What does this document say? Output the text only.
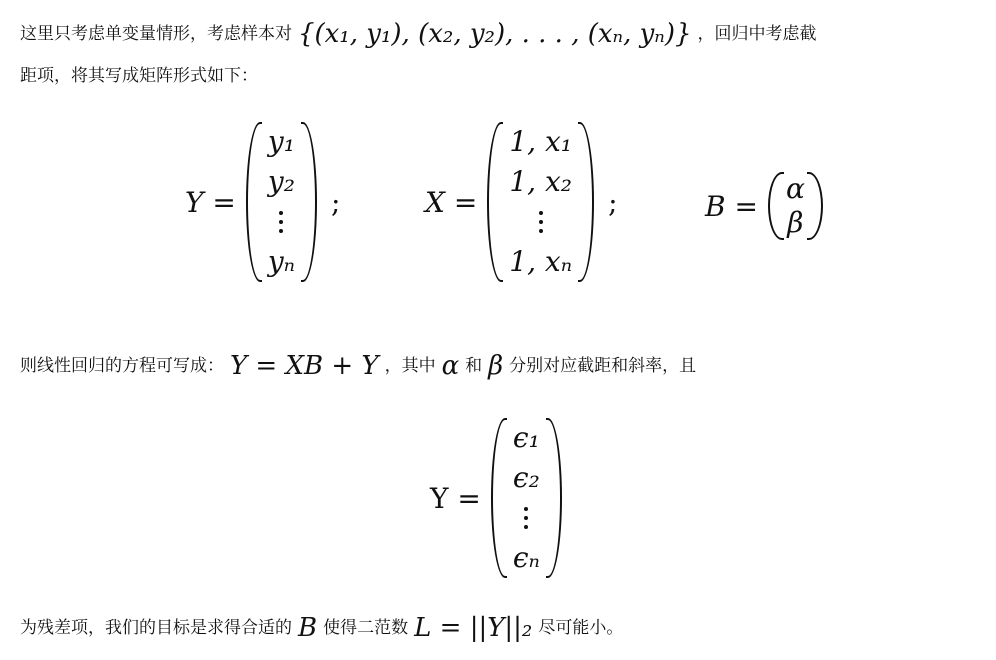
这里只考虑单变量情形，考虑样本对 {(x₁, y₁), (x₂, y₂), . . . , (xₙ, yₙ)} ，回归中考虑截
距项，将其写成矩阵形式如下：
Y =
y₁
y₂
yₙ
;	X =
1, x₁
1, x₂
1, xₙ
;	B =
α
β
则线性回归的方程可写成： Y = XB + Υ ，其中 α 和 β 分别对应截距和斜率，且
Υ =
ϵ₁
ϵ₂
ϵₙ
为残差项，我们的目标是求得合适的 B 使得二范数 L = ||Υ||₂ 尽可能小。
